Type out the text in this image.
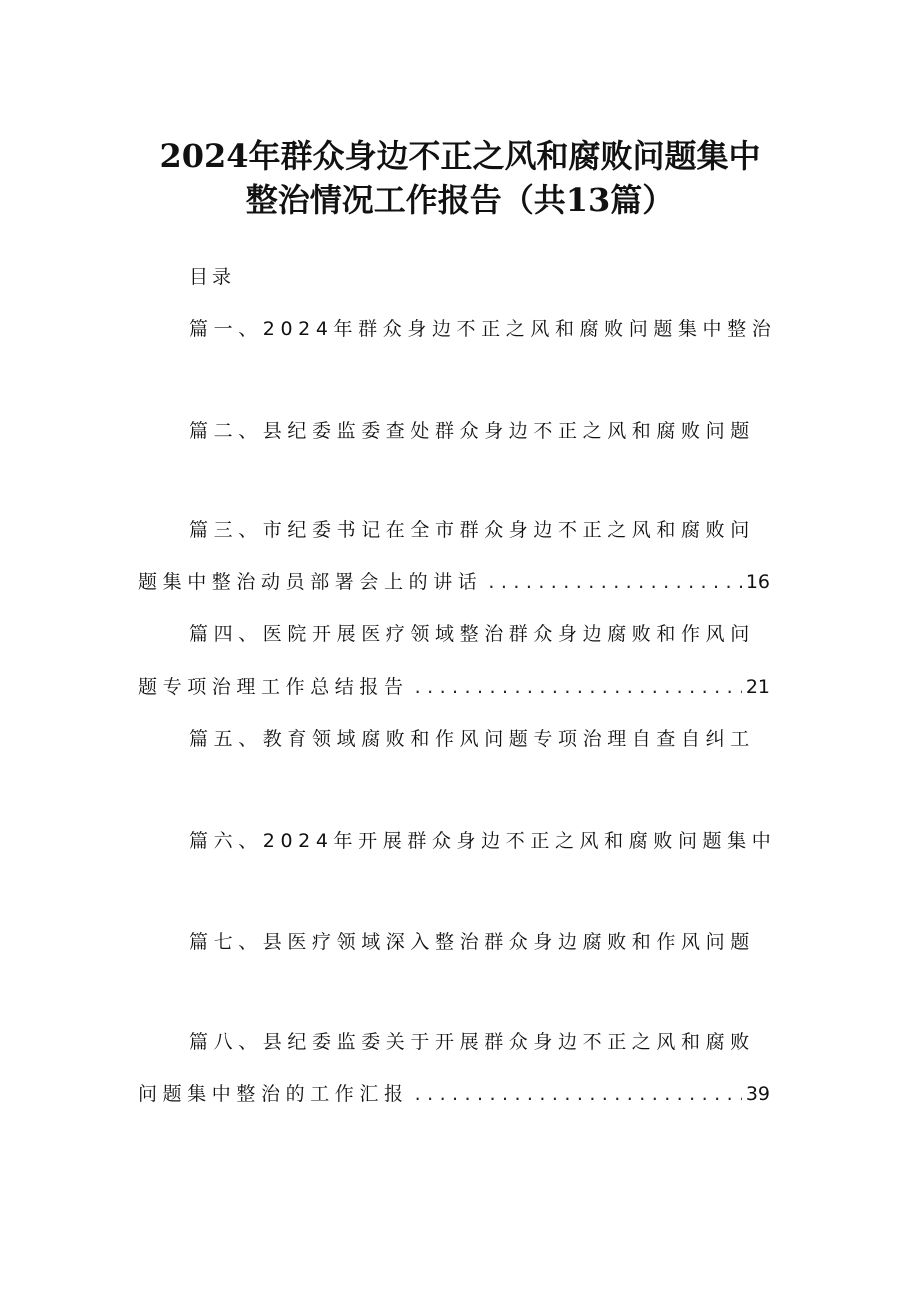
2024年群众身边不正之风和腐败问题集中
整治情况工作报告（共13篇）
目录
篇一、2024年群众身边不正之风和腐败问题集中整治
篇二、县纪委监委查处群众身边不正之风和腐败问题
篇三、市纪委书记在全市群众身边不正之风和腐败问
题集中整治动员部署会上的讲话 . . .	16
篇四、医院开展医疗领域整治群众身边腐败和作风问
题专项治理工作总结报告 . . .	21
篇五、教育领域腐败和作风问题专项治理自查自纠工
篇六、2024年开展群众身边不正之风和腐败问题集中
篇七、县医疗领域深入整治群众身边腐败和作风问题
篇八、县纪委监委关于开展群众身边不正之风和腐败
问题集中整治的工作汇报 . . .	39
